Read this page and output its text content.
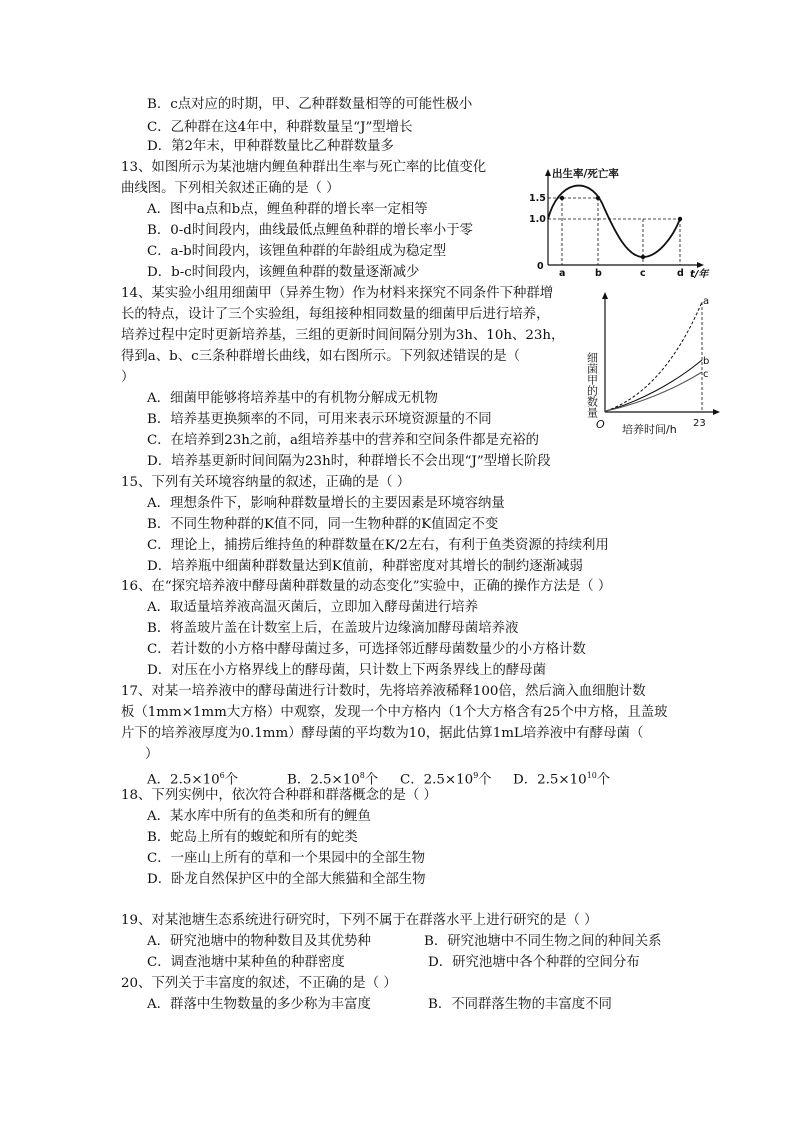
B．c点对应的时期，甲、乙种群数量相等的可能性极小
C．乙种群在这4年中，种群数量呈“J”型增长
D．第2年末，甲种群数量比乙种群数量多
13、如图所示为某池塘内鲤鱼种群出生率与死亡率的比值变化
曲线图。下列相关叙述正确的是（ ）
A．图中a点和b点，鲤鱼种群的增长率一定相等
B．0-d时间段内，曲线最低点鲤鱼种群的增长率小于零
C．a-b时间段内，该锂鱼种群的年龄组成为稳定型
D．b-c时间段内，该鲤鱼种群的数量逐渐减少
14、某实验小组用细菌甲（异养生物）作为材料来探究不同条件下种群增
长的特点，设计了三个实验组，每组接种相同数量的细菌甲后进行培养，
培养过程中定时更新培养基，三组的更新时间间隔分别为3h、10h、23h，
得到a、b、c三条种群增长曲线，如右图所示。下列叙述错误的是（
）
A．细菌甲能够将培养基中的有机物分解成无机物
B．培养基更换频率的不同，可用来表示环境资源量的不同
C．在培养到23h之前，a组培养基中的营养和空间条件都是充裕的
D．培养基更新时间间隔为23h时，种群增长不会出现“J”型增长阶段
15、下列有关环境容纳量的叙述，正确的是（ ）
A．理想条件下，影响种群数量增长的主要因素是环境容纳量
B．不同生物种群的K值不同，同一生物种群的K值固定不变
C．理论上，捕捞后维持鱼的种群数量在K/2左右，有利于鱼类资源的持续利用
D．培养瓶中细菌种群数量达到K值前，种群密度对其增长的制约逐渐减弱
16、在“探究培养液中酵母菌种群数量的动态变化”实验中，正确的操作方法是（ ）
A．取适量培养液高温灭菌后，立即加入酵母菌进行培养
B．将盖玻片盖在计数室上后，在盖玻片边缘滴加酵母菌培养液
C．若计数的小方格中酵母菌过多，可选择邻近酵母菌数量少的小方格计数
D．对压在小方格界线上的酵母菌，只计数上下两条界线上的酵母菌
17、对某一培养液中的酵母菌进行计数时，先将培养液稀释100倍，然后滴入血细胞计数
板（1mm×1mm大方格）中观察，发现一个中方格内（1个大方格含有25个中方格，且盖玻
片下的培养液厚度为0.1mm）酵母菌的平均数为10，据此估算1mL培养液中有酵母菌（
）
A．$2.5\times 10^6$个	B．$2.5\times 10^8$个 C．$2.5\times 10^9$个 D．$2.5\times 10^{10}$个
18、下列实例中，依次符合种群和群落概念的是（ ）
A．某水库中所有的鱼类和所有的鲤鱼
B．蛇岛上所有的蝮蛇和所有的蛇类
C．一座山上所有的草和一个果园中的全部生物
D．卧龙自然保护区中的全部大熊猫和全部生物
19、对某池塘生态系统进行研究时，下列不属于在群落水平上进行研究的是（ ）
A．研究池塘中的物种数目及其优势种	B．研究池塘中不同生物之间的种间关系
C．调查池塘中某种鱼的种群密度	D．研究池塘中各个种群的空间分布
20、下列关于丰富度的叙述，不正确的是（ ）
A．群落中生物数量的多少称为丰富度	B．不同群落生物的丰富度不同
出生率/死亡率
1.5
1.0
0
a	b	c	d t/年
a
b
c
细菌甲的数量
O 培养时间/h 23
